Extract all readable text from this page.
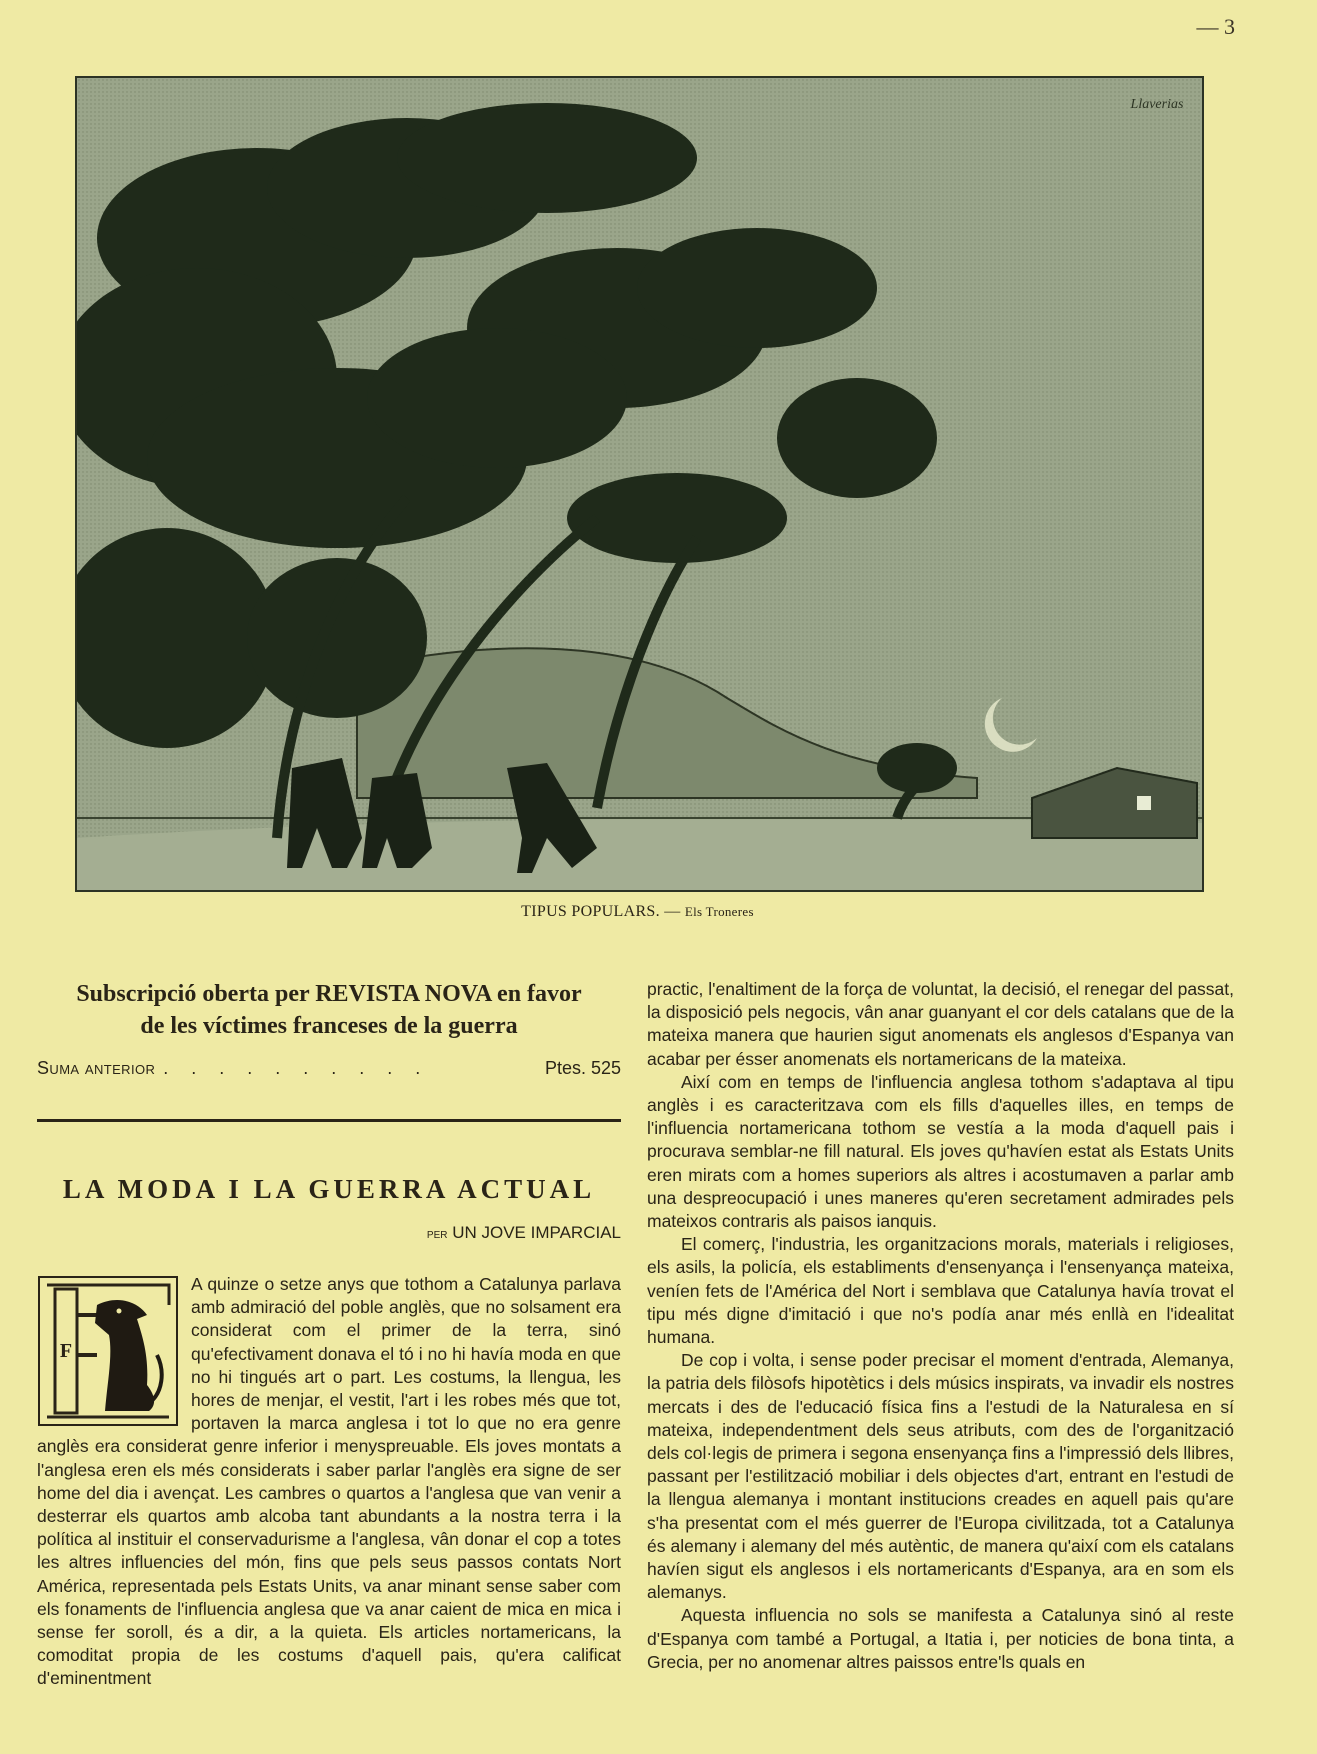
— 3
Llaverias
TIPUS POPULARS. — Els Troneres

Subscripció oberta per REVISTA NOVA en favor
de les víctimes franceses de la guerra

Suma anterior . . . . . . . . . .	Ptes. 525
LA MODA I LA GUERRA ACTUAL
per UN JOVE IMPARCIAL

F
A quinze o setze anys que tothom a Catalunya parlava amb admiració del poble anglès, que no solsament era considerat com el primer de la terra, sinó qu'efectivament donava el tó i no hi havía moda en que no hi tingués art o part. Les costums, la llengua, les hores de menjar, el vestit, l'art i les robes més que tot, portaven la marca anglesa i tot lo que no era genre anglès era considerat genre inferior i menyspreuable. Els joves montats a l'anglesa eren els més considerats i saber parlar l'anglès era signe de ser home del dia i avençat. Les cambres o quartos a l'anglesa que van venir a desterrar els quartos amb alcoba tant abundants a la nostra terra i la política al instituir el conservadurisme a l'anglesa, vân donar el cop a totes les altres influencies del món, fins que pels seus passos contats Nort América, representada pels Estats Units, va anar minant sense saber com els fonaments de l'influencia anglesa que va anar caient de mica en mica i sense fer soroll, és a dir, a la quieta. Els articles nortamericans, la comoditat propia de les costums d'aquell pais, qu'era calificat d'eminentment

practic, l'enaltiment de la força de voluntat, la decisió, el renegar del passat, la disposició pels negocis, vân anar guanyant el cor dels catalans que de la mateixa manera que haurien sigut anomenats els anglesos d'Espanya van acabar per ésser anomenats els nortamericans de la mateixa.

Així com en temps de l'influencia anglesa tothom s'adaptava al tipu anglès i es caracteritzava com els fills d'aquelles illes, en temps de l'influencia nortamericana tothom se vestía a la moda d'aquell pais i procurava semblar-ne fill natural. Els joves qu'havíen estat als Estats Units eren mirats com a homes superiors als altres i acostumaven a parlar amb una despreocupació i unes maneres qu'eren secretament admirades pels mateixos contraris als paisos ianquis.

El comerç, l'industria, les organitzacions morals, materials i religioses, els asils, la policía, els establiments d'ensenyança i l'ensenyança mateixa, veníen fets de l'América del Nort i semblava que Catalunya havía trovat el tipu més digne d'imitació i que no's podía anar més enllà en l'idealitat humana.

De cop i volta, i sense poder precisar el moment d'entrada, Alemanya, la patria dels filòsofs hipotètics i dels músics inspirats, va invadir els nostres mercats i des de l'educació física fins a l'estudi de la Naturalesa en sí mateixa, independentment dels seus atributs, com des de l'organització dels col·legis de primera i segona ensenyança fins a l'impressió dels llibres, passant per l'estilització mobiliar i dels objectes d'art, entrant en l'estudi de la llengua alemanya i montant institucions creades en aquell pais qu'are s'ha presentat com el més guerrer de l'Europa civilitzada, tot a Catalunya és alemany i alemany del més autèntic, de manera qu'així com els catalans havíen sigut els anglesos i els nortamericants d'Espanya, ara en som els alemanys.

Aquesta influencia no sols se manifesta a Catalunya sinó al reste d'Espanya com també a Portugal, a Itatia i, per noticies de bona tinta, a Grecia, per no anomenar altres paissos entre'ls quals en
